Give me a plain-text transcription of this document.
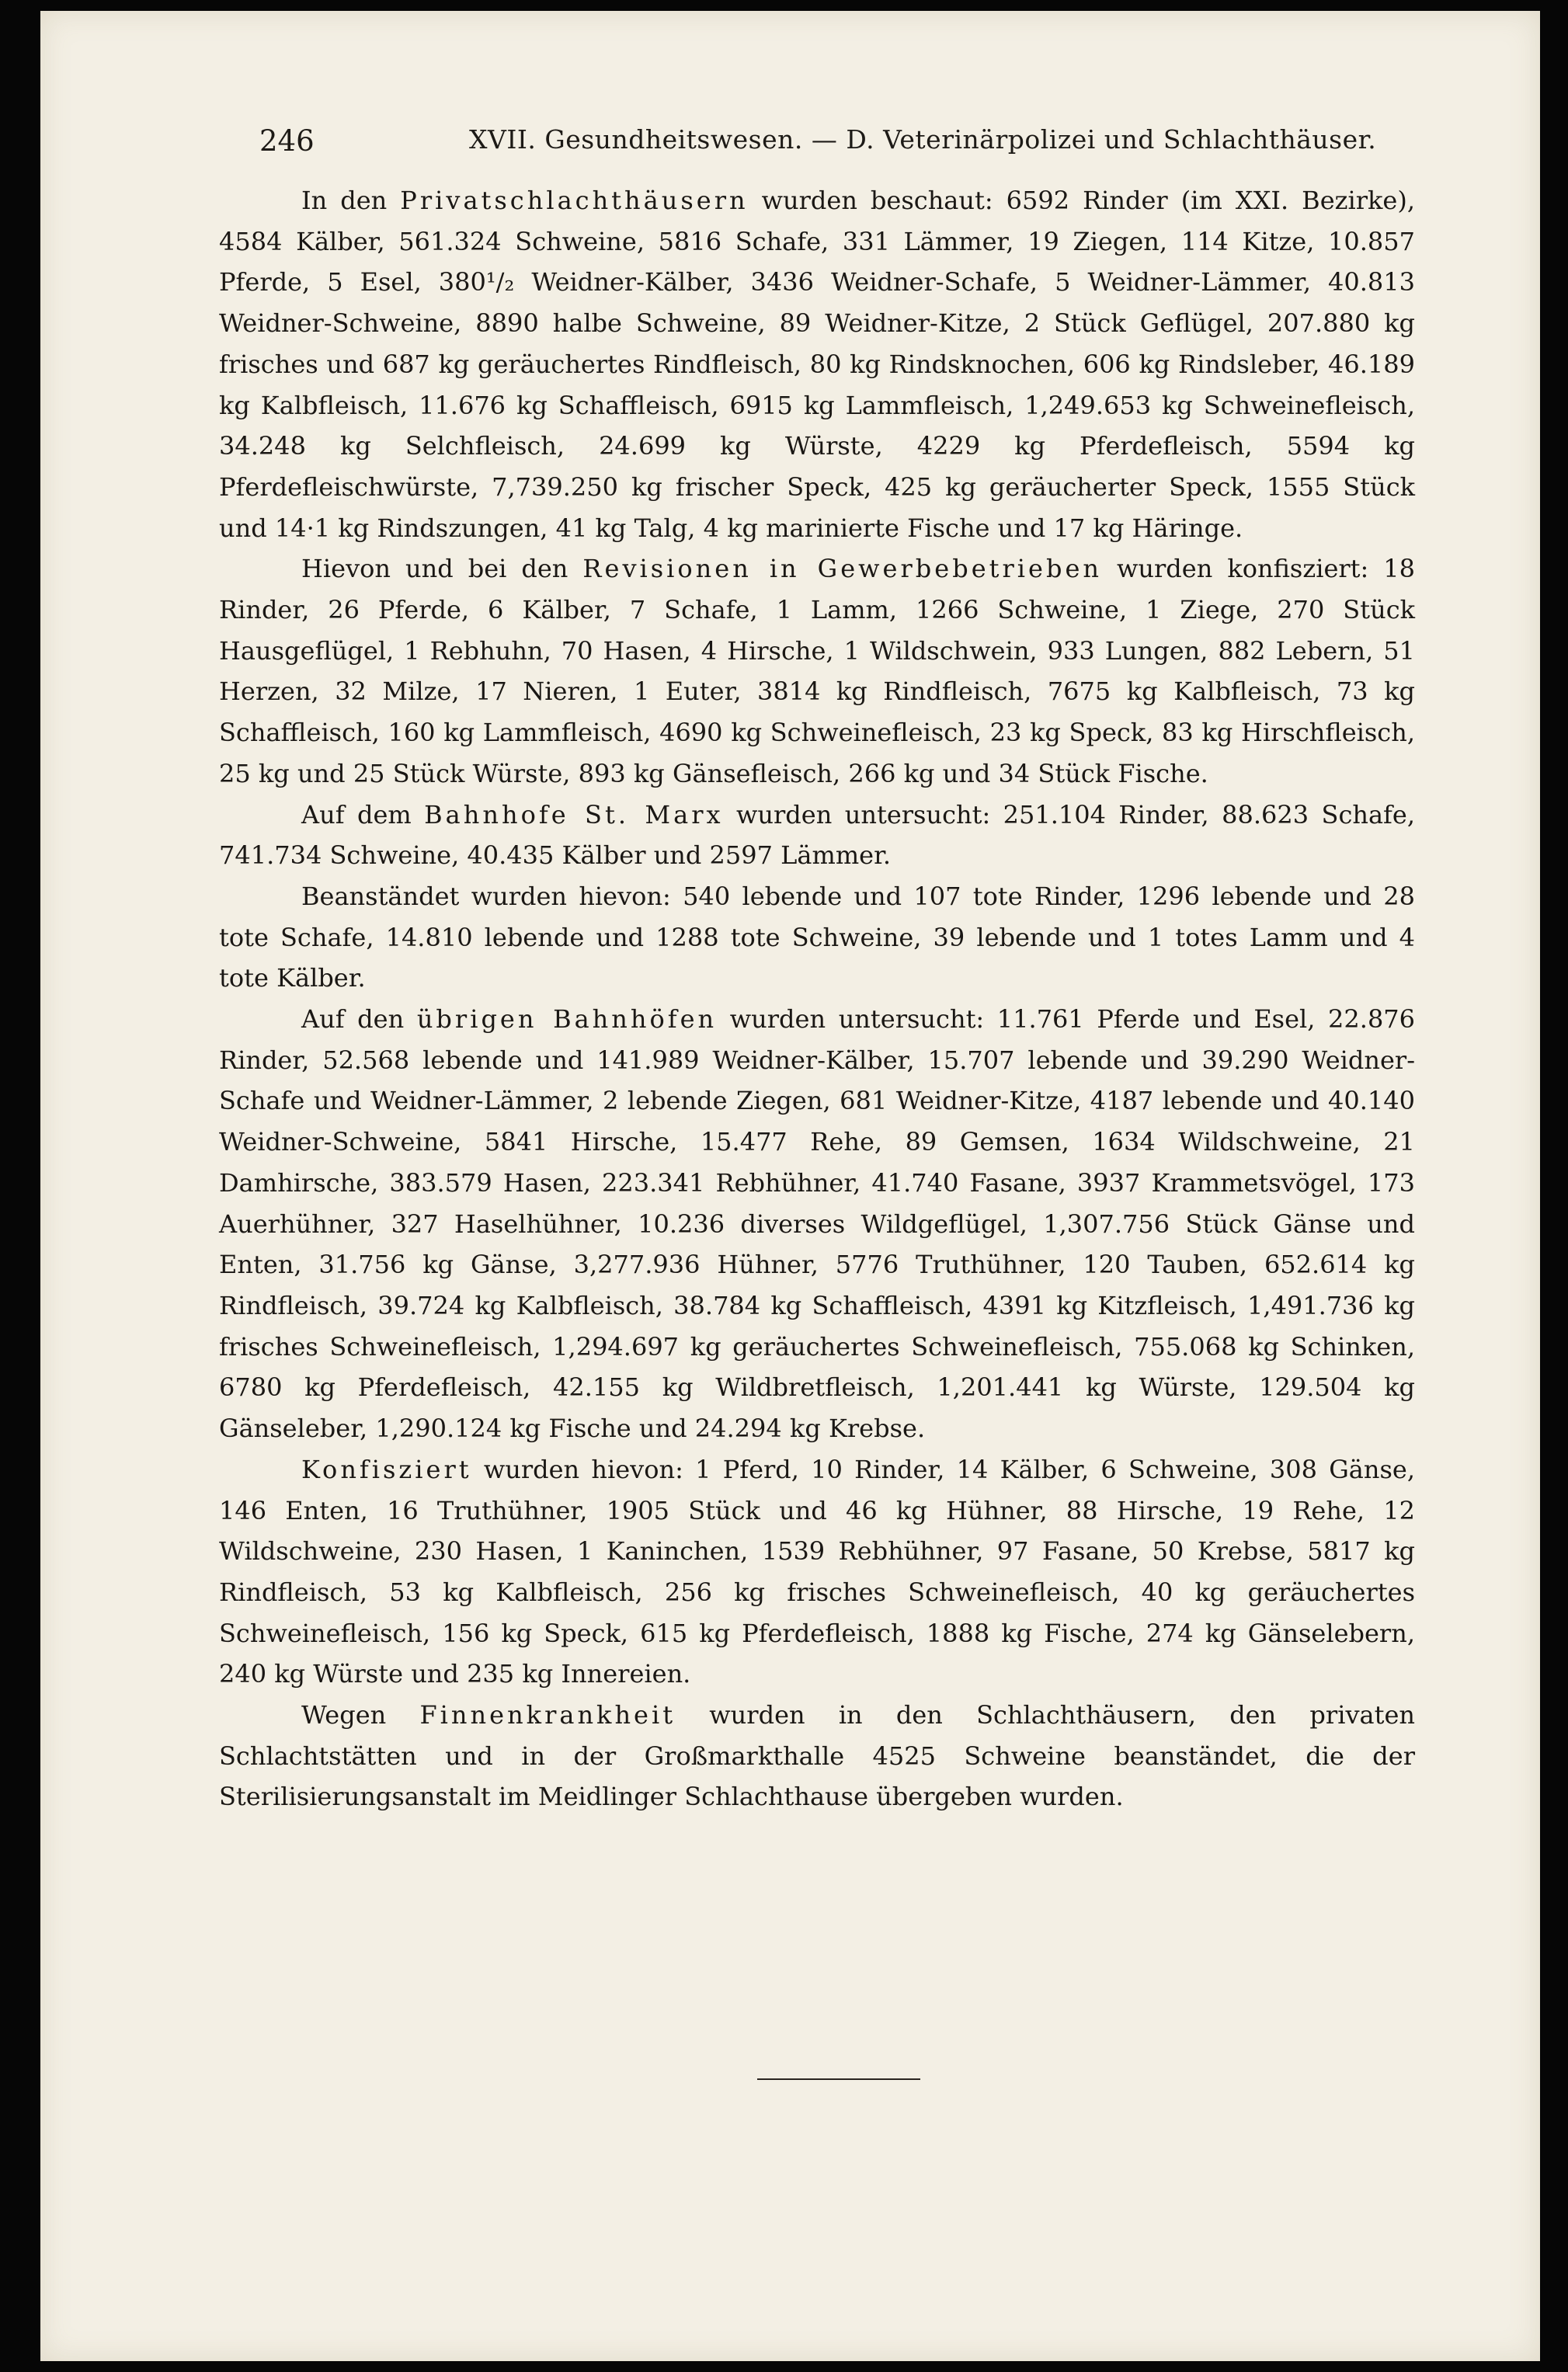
246	XVII. Gesundheitswesen. — D. Veterinärpolizei und Schlachthäuser.

In den Privatschlachthäusern wurden beschaut: 6592 Rinder (im XXI. Bezirke), 4584 Kälber, 561.324 Schweine, 5816 Schafe, 331 Lämmer, 19 Ziegen, 114 Kitze, 10.857 Pferde, 5 Esel, 380¹/₂ Weidner-Kälber, 3436 Weidner-Schafe, 5 Weidner-Lämmer, 40.813 Weidner-Schweine, 8890 halbe Schweine, 89 Weidner-Kitze, 2 Stück Geflügel, 207.880 kg frisches und 687 kg geräuchertes Rindfleisch, 80 kg Rindsknochen, 606 kg Rindsleber, 46.189 kg Kalbfleisch, 11.676 kg Schaffleisch, 6915 kg Lammfleisch, 1,249.653 kg Schweinefleisch, 34.248 kg Selchfleisch, 24.699 kg Würste, 4229 kg Pferdefleisch, 5594 kg Pferdefleischwürste, 7,739.250 kg frischer Speck, 425 kg geräucherter Speck, 1555 Stück und 14·1 kg Rindszungen, 41 kg Talg, 4 kg marinierte Fische und 17 kg Häringe.

Hievon und bei den Revisionen in Gewerbebetrieben wurden konfisziert: 18 Rinder, 26 Pferde, 6 Kälber, 7 Schafe, 1 Lamm, 1266 Schweine, 1 Ziege, 270 Stück Hausgeflügel, 1 Rebhuhn, 70 Hasen, 4 Hirsche, 1 Wildschwein, 933 Lungen, 882 Lebern, 51 Herzen, 32 Milze, 17 Nieren, 1 Euter, 3814 kg Rindfleisch, 7675 kg Kalbfleisch, 73 kg Schaffleisch, 160 kg Lammfleisch, 4690 kg Schweinefleisch, 23 kg Speck, 83 kg Hirschfleisch, 25 kg und 25 Stück Würste, 893 kg Gänsefleisch, 266 kg und 34 Stück Fische.

Auf dem Bahnhofe St. Marx wurden untersucht: 251.104 Rinder, 88.623 Schafe, 741.734 Schweine, 40.435 Kälber und 2597 Lämmer.

Beanständet wurden hievon: 540 lebende und 107 tote Rinder, 1296 lebende und 28 tote Schafe, 14.810 lebende und 1288 tote Schweine, 39 lebende und 1 totes Lamm und 4 tote Kälber.

Auf den übrigen Bahnhöfen wurden untersucht: 11.761 Pferde und Esel, 22.876 Rinder, 52.568 lebende und 141.989 Weidner-Kälber, 15.707 lebende und 39.290 Weidner-Schafe und Weidner-Lämmer, 2 lebende Ziegen, 681 Weidner-Kitze, 4187 lebende und 40.140 Weidner-Schweine, 5841 Hirsche, 15.477 Rehe, 89 Gemsen, 1634 Wildschweine, 21 Damhirsche, 383.579 Hasen, 223.341 Rebhühner, 41.740 Fasane, 3937 Krammetsvögel, 173 Auerhühner, 327 Haselhühner, 10.236 diverses Wildgeflügel, 1,307.756 Stück Gänse und Enten, 31.756 kg Gänse, 3,277.936 Hühner, 5776 Truthühner, 120 Tauben, 652.614 kg Rindfleisch, 39.724 kg Kalbfleisch, 38.784 kg Schaffleisch, 4391 kg Kitzfleisch, 1,491.736 kg frisches Schweinefleisch, 1,294.697 kg geräuchertes Schweinefleisch, 755.068 kg Schinken, 6780 kg Pferdefleisch, 42.155 kg Wildbretfleisch, 1,201.441 kg Würste, 129.504 kg Gänseleber, 1,290.124 kg Fische und 24.294 kg Krebse.

Konfisziert wurden hievon: 1 Pferd, 10 Rinder, 14 Kälber, 6 Schweine, 308 Gänse, 146 Enten, 16 Truthühner, 1905 Stück und 46 kg Hühner, 88 Hirsche, 19 Rehe, 12 Wildschweine, 230 Hasen, 1 Kaninchen, 1539 Rebhühner, 97 Fasane, 50 Krebse, 5817 kg Rindfleisch, 53 kg Kalbfleisch, 256 kg frisches Schweinefleisch, 40 kg geräuchertes Schweinefleisch, 156 kg Speck, 615 kg Pferdefleisch, 1888 kg Fische, 274 kg Gänselebern, 240 kg Würste und 235 kg Innereien.

Wegen Finnenkrankheit wurden in den Schlachthäusern, den privaten Schlachtstätten und in der Großmarkthalle 4525 Schweine beanständet, die der Sterilisierungsanstalt im Meidlinger Schlachthause übergeben wurden.
